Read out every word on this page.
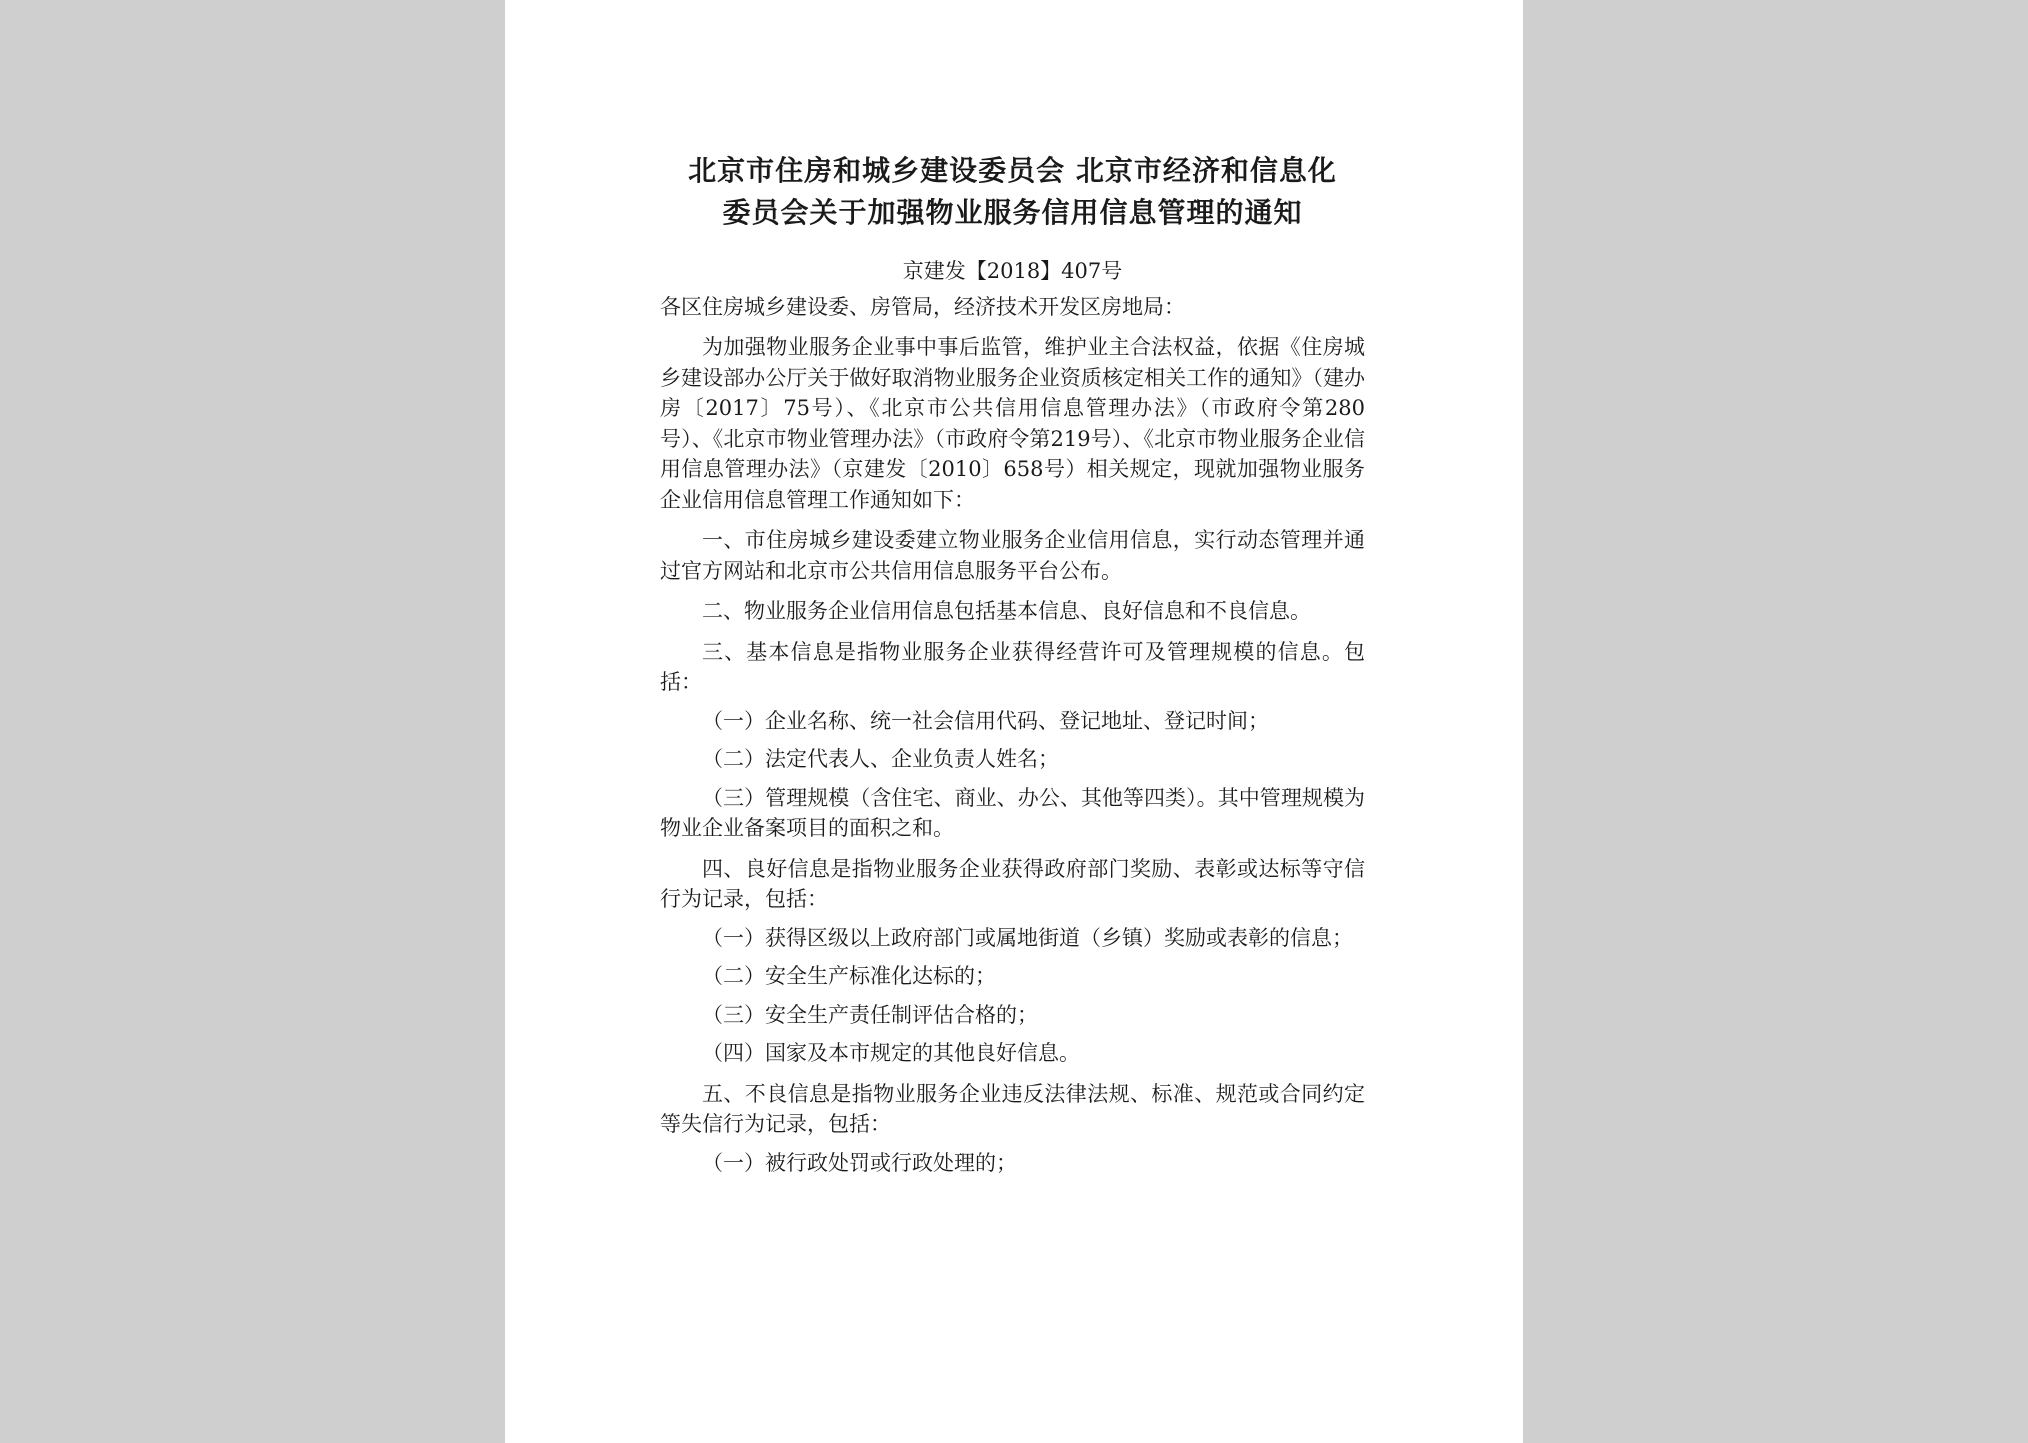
北京市住房和城乡建设委员会 北京市经济和信息化
委员会关于加强物业服务信用信息管理的通知
京建发【2018】407号
各区住房城乡建设委、房管局，经济技术开发区房地局：

为加强物业服务企业事中事后监管，维护业主合法权益，依据《住房城乡建设部办公厅关于做好取消物业服务企业资质核定相关工作的通知》（建办房〔2017〕75号）、《北京市公共信用信息管理办法》（市政府令第280号）、《北京市物业管理办法》（市政府令第219号）、《北京市物业服务企业信用信息管理办法》（京建发〔2010〕658号）相关规定，现就加强物业服务企业信用信息管理工作通知如下：

一、市住房城乡建设委建立物业服务企业信用信息，实行动态管理并通过官方网站和北京市公共信用信息服务平台公布。

二、物业服务企业信用信息包括基本信息、良好信息和不良信息。

三、基本信息是指物业服务企业获得经营许可及管理规模的信息。包括：

（一）企业名称、统一社会信用代码、登记地址、登记时间；

（二）法定代表人、企业负责人姓名；

（三）管理规模（含住宅、商业、办公、其他等四类）。其中管理规模为物业企业备案项目的面积之和。

四、良好信息是指物业服务企业获得政府部门奖励、表彰或达标等守信行为记录，包括：

（一）获得区级以上政府部门或属地街道（乡镇）奖励或表彰的信息；

（二）安全生产标准化达标的；

（三）安全生产责任制评估合格的；

（四）国家及本市规定的其他良好信息。

五、不良信息是指物业服务企业违反法律法规、标准、规范或合同约定等失信行为记录，包括：

（一）被行政处罚或行政处理的；
